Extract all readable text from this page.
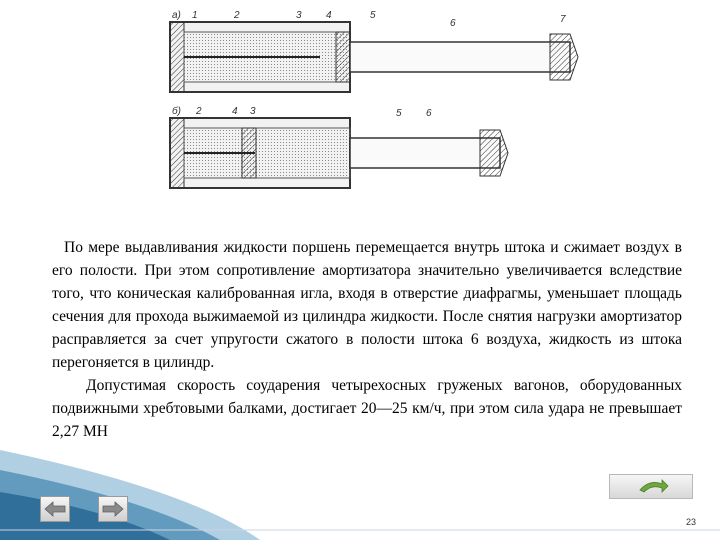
а) 1	2	3 4	5
6	7
б) 2	4 3	5 6

По мере выдавливания жидкости поршень перемещается внутрь штока и сжимает воздух в его полости. При этом сопротивление амортизатора значительно увеличивается вследствие того, что коническая калиброванная игла, входя в отверстие диафрагмы, уменьшает площадь сечения для прохода выжимаемой из цилиндра жидкости. После снятия нагрузки амортизатор расправляется за счет упругости сжатого в полости штока 6 воздуха, жидкость из штока перегоняется в цилиндр.

Допустимая скорость соударения четырехосных груженых вагонов, оборудованных подвижными хребтовыми балками, достигает 20—25 км/ч, при этом сила удара не превышает 2,27 МН

23
